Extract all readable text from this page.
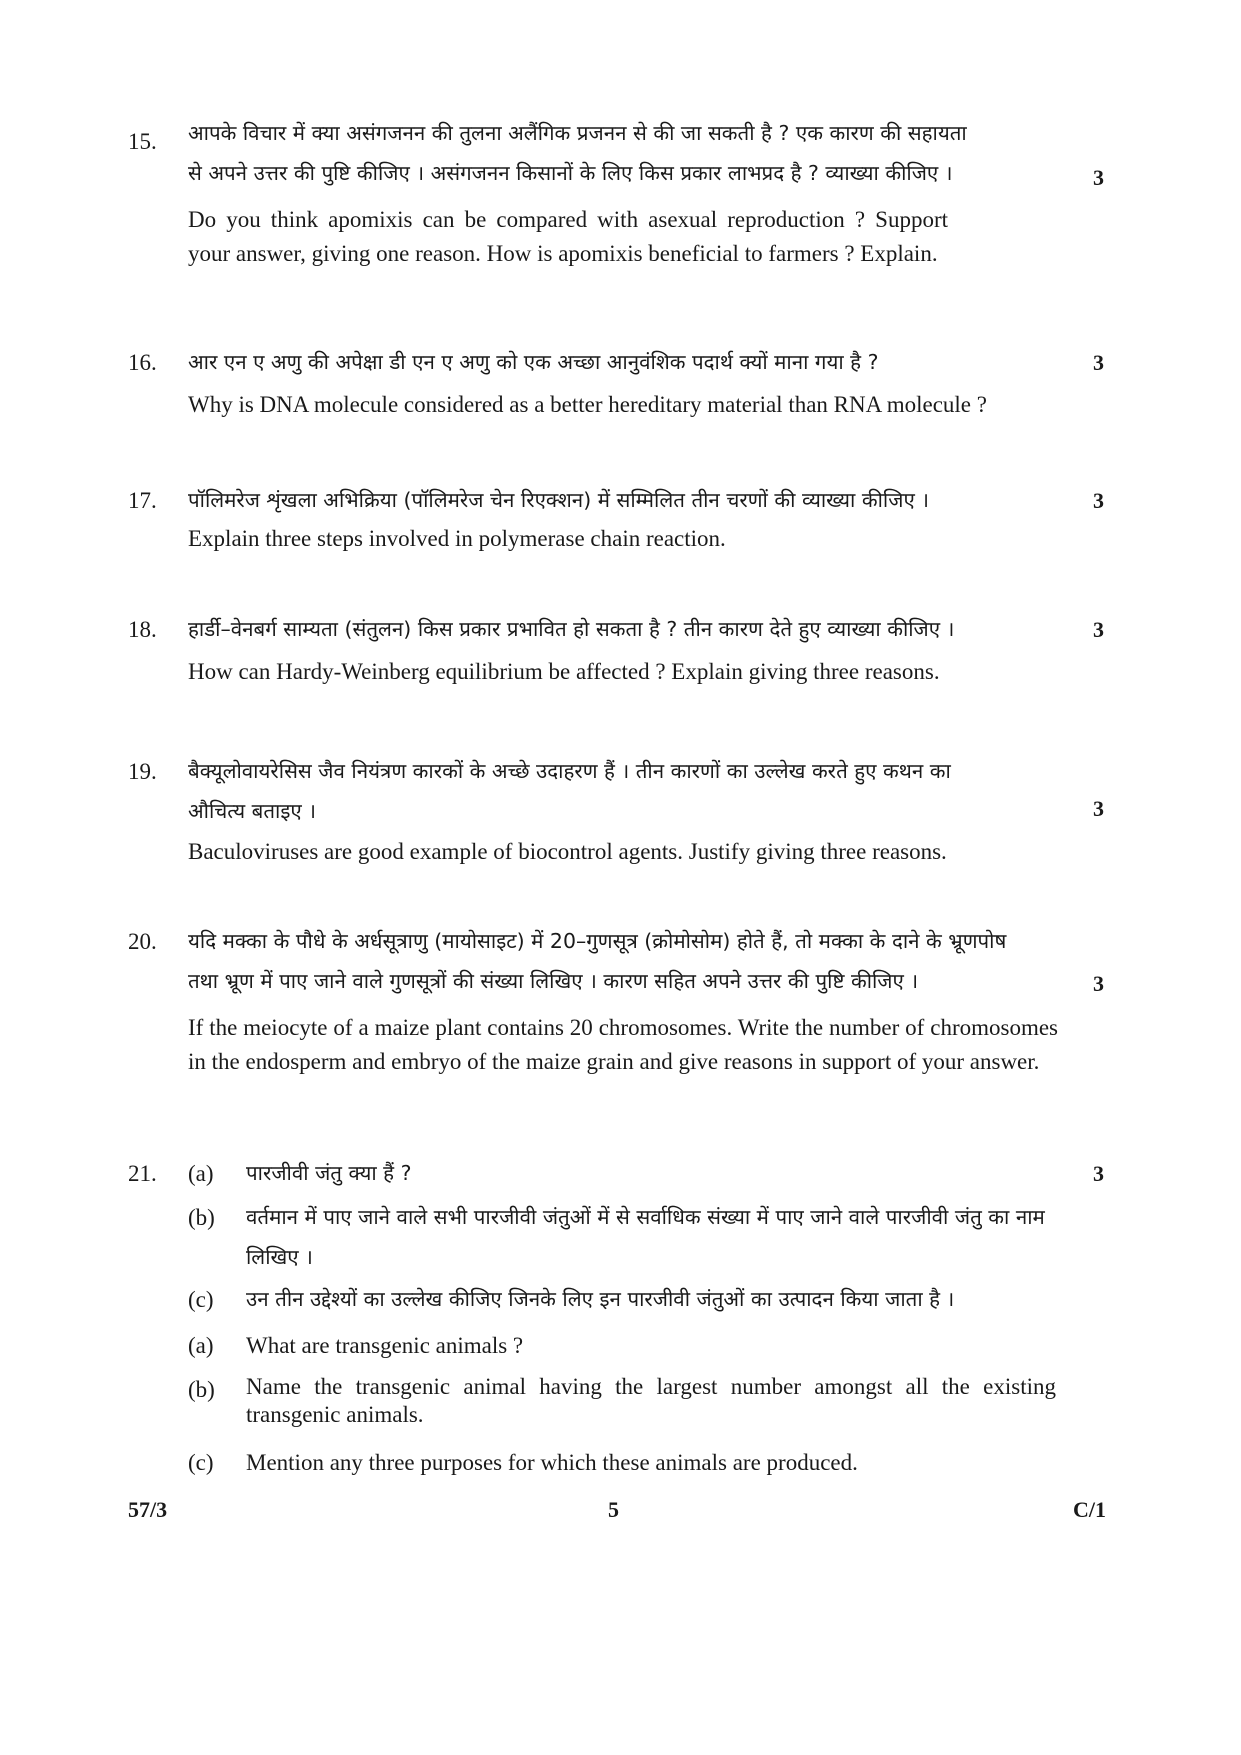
15. आपके विचार में क्या असंगजनन की तुलना अलैंगिक प्रजनन से की जा सकती है ? एक कारण की सहायता

से अपने उत्तर की पुष्टि कीजिए । असंगजनन किसानों के लिए किस प्रकार लाभप्रद है ? व्याख्या कीजिए ।

Do you think apomixis can be compared with asexual reproduction ? Support your answer, giving one reason. How is apomixis beneficial to farmers ? Explain.

3
16. आर एन ए अणु की अपेक्षा डी एन ए अणु को एक अच्छा आनुवंशिक पदार्थ क्यों माना गया है ?

Why is DNA molecule considered as a better hereditary material than RNA molecule ?

3
17. पॉलिमरेज शृंखला अभिक्रिया (पॉलिमरेज चेन रिएक्शन) में सम्मिलित तीन चरणों की व्याख्या कीजिए ।

Explain three steps involved in polymerase chain reaction.

3
18. हार्डी–वेनबर्ग साम्यता (संतुलन) किस प्रकार प्रभावित हो सकता है ? तीन कारण देते हुए व्याख्या कीजिए ।

How can Hardy-Weinberg equilibrium be affected ? Explain giving three reasons.

3
19. बैक्यूलोवायरेसिस जैव नियंत्रण कारकों के अच्छे उदाहरण हैं । तीन कारणों का उल्लेख करते हुए कथन का

औचित्य बताइए ।

Baculoviruses are good example of biocontrol agents. Justify giving three reasons.

3
20. यदि मक्का के पौधे के अर्धसूत्राणु (मायोसाइट) में 20–गुणसूत्र (क्रोमोसोम) होते हैं, तो मक्का के दाने के भ्रूणपोष

तथा भ्रूण में पाए जाने वाले गुणसूत्रों की संख्या लिखिए । कारण सहित अपने उत्तर की पुष्टि कीजिए ।

If the meiocyte of a maize plant contains 20 chromosomes. Write the number of chromosomes in the endosperm and embryo of the maize grain and give reasons in support of your answer.

3
21.	3
(a) पारजीवी जंतु क्या हैं ?

(b) वर्तमान में पाए जाने वाले सभी पारजीवी जंतुओं में से सर्वाधिक संख्या में पाए जाने वाले पारजीवी जंतु का नाम लिखिए ।

(c) उन तीन उद्देश्यों का उल्लेख कीजिए जिनके लिए इन पारजीवी जंतुओं का उत्पादन किया जाता है ।

(a) What are transgenic animals ?

(b) Name the transgenic animal having the largest number amongst all the existing transgenic animals.

(c) Mention any three purposes for which these animals are produced.

57/3	5	C/1
